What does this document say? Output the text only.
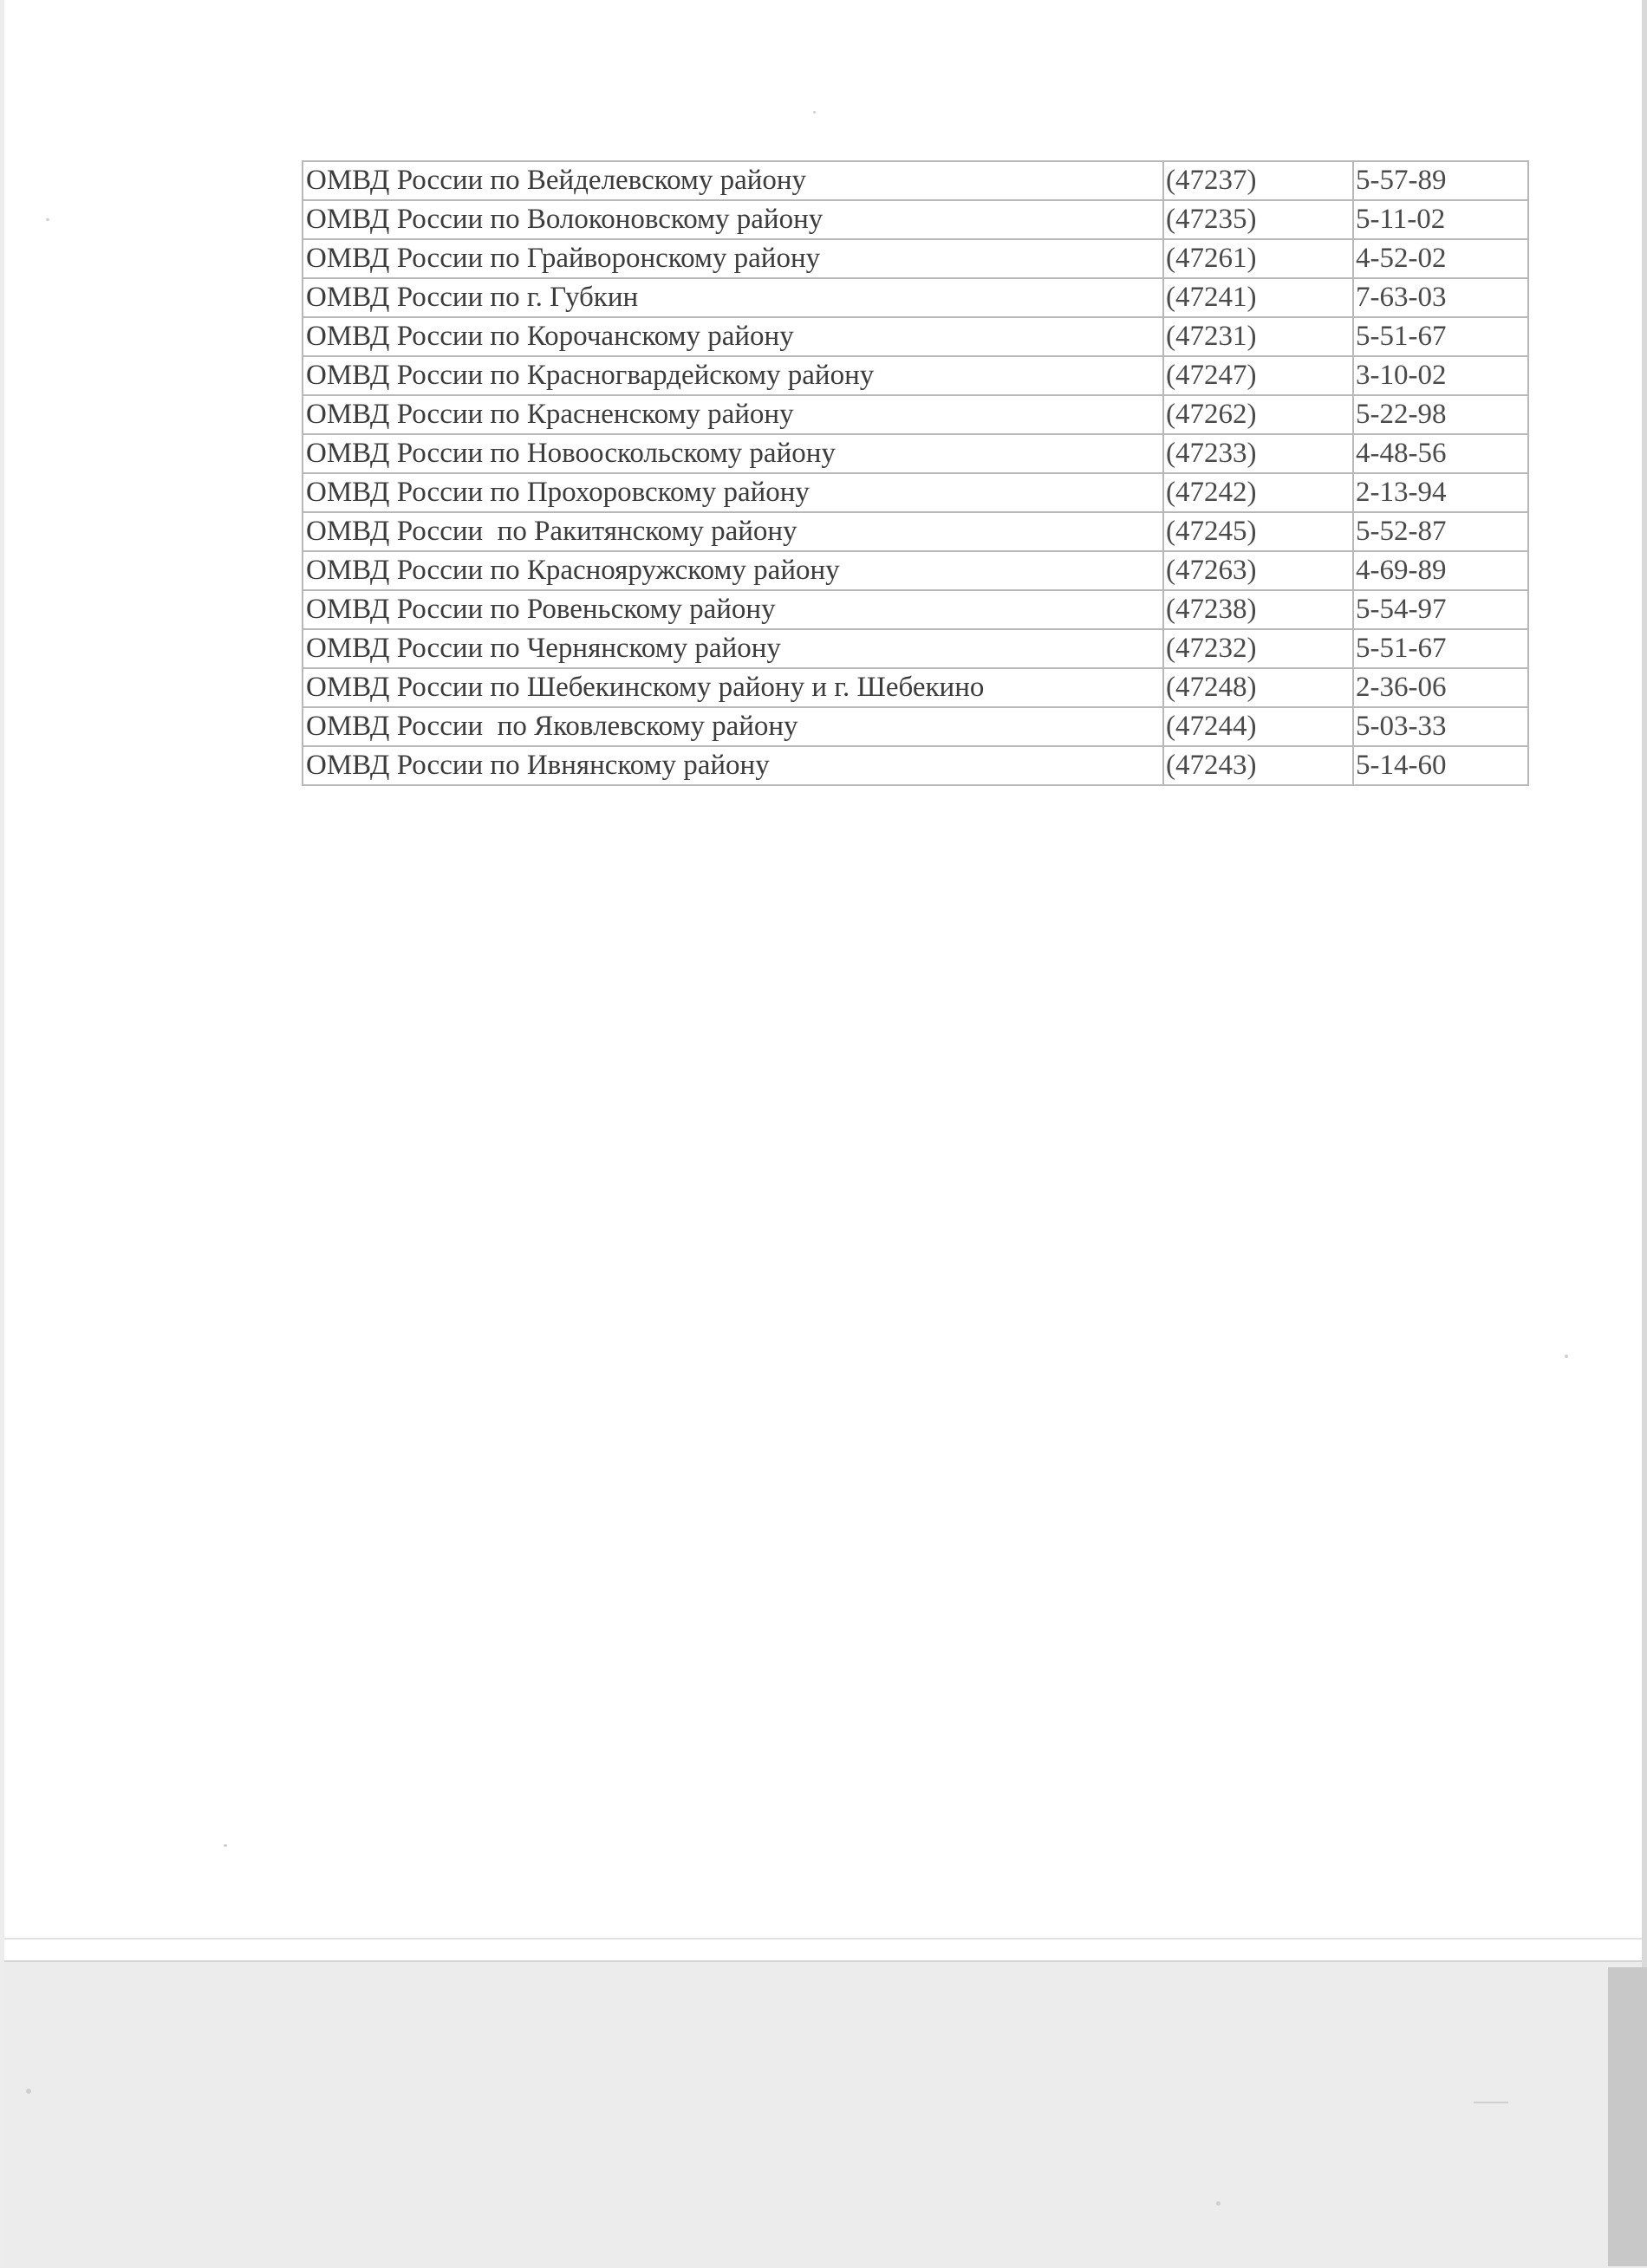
ОМВД России по Вейделевскому району	(47237)	5-57-89
ОМВД России по Волоконовскому району	(47235)	5-11-02
ОМВД России по Грайворонскому району	(47261)	4-52-02
ОМВД России по г. Губкин	(47241)	7-63-03
ОМВД России по Корочанскому району	(47231)	5-51-67
ОМВД России по Красногвардейскому району	(47247)	3-10-02
ОМВД России по Красненскому району	(47262)	5-22-98
ОМВД России по Новооскольскому району	(47233)	4-48-56
ОМВД России по Прохоровскому району	(47242)	2-13-94
ОМВД России  по Ракитянскому району	(47245)	5-52-87
ОМВД России по Краснояружскому району	(47263)	4-69-89
ОМВД России по Ровеньскому району	(47238)	5-54-97
ОМВД России по Чернянскому району	(47232)	5-51-67
ОМВД России по Шебекинскому району и г. Шебекино	(47248)	2-36-06
ОМВД России  по Яковлевскому району	(47244)	5-03-33
ОМВД России по Ивнянскому району	(47243)	5-14-60
